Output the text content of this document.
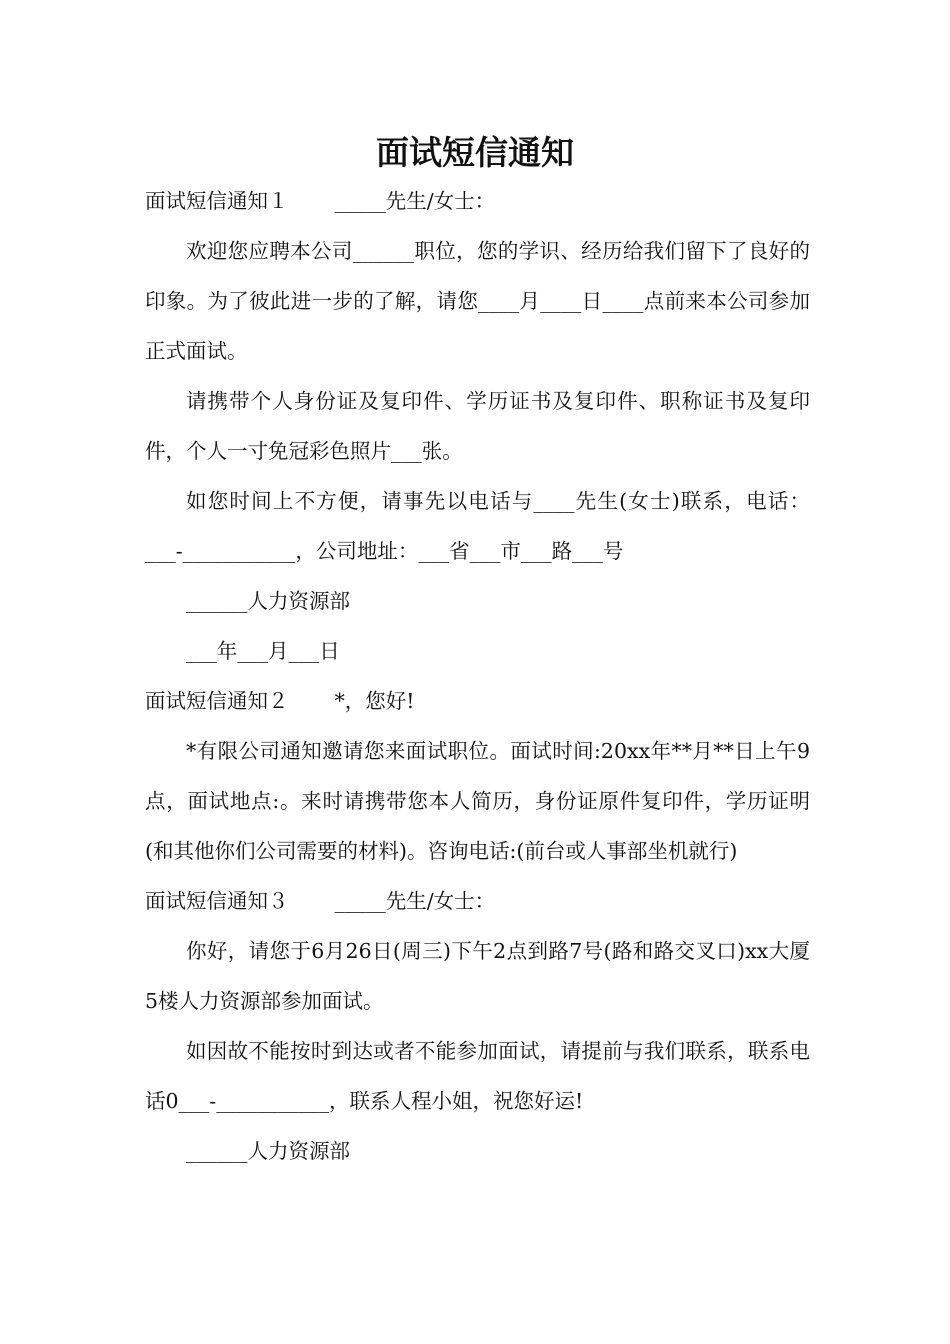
面试短信通知

面试短信通知１ _____先生/女士：

欢迎您应聘本公司______职位，您的学识、经历给我们留下了良好的印象。为了彼此进一步的了解，请您____月____日____点前来本公司参加正式面试。

请携带个人身份证及复印件、学历证书及复印件、职称证书及复印件，个人一寸免冠彩色照片___张。

如您时间上不方便，请事先以电话与____先生(女士)联系，电话：___-___________，公司地址：___省___市___路___号

______人力资源部

___年___月___日

面试短信通知２ *，您好!

*有限公司通知邀请您来面试职位。面试时间:20xx年**月**日上午9点，面试地点:。来时请携带您本人简历，身份证原件复印件，学历证明(和其他你们公司需要的材料)。咨询电话:(前台或人事部坐机就行)

面试短信通知３ _____先生/女士：

你好，请您于6月26日(周三)下午2点到路7号(路和路交叉口)xx大厦5楼人力资源部参加面试。

如因故不能按时到达或者不能参加面试，请提前与我们联系，联系电话0___-___________，联系人程小姐，祝您好运!

______人力资源部
